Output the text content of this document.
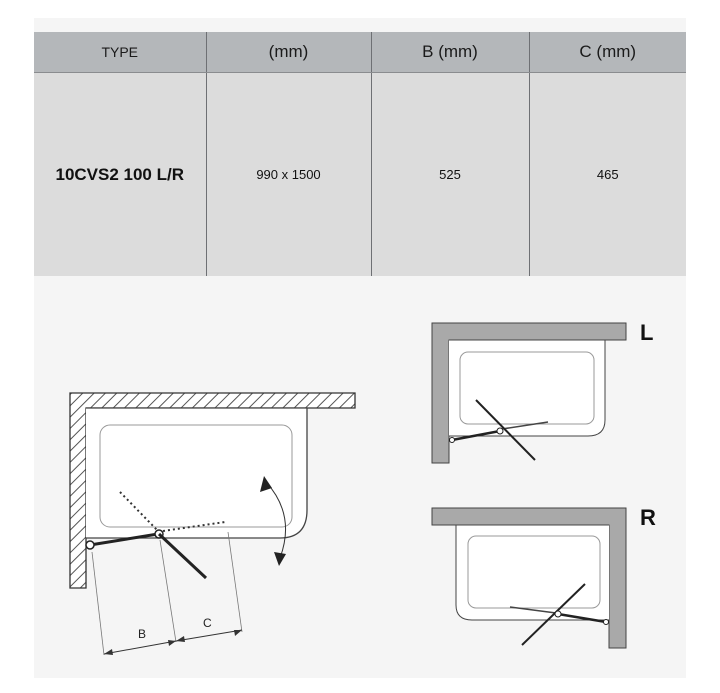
TYPE	(mm)	B (mm)	C (mm)
10CVS2 100 L/R	990 x 1500	525	465
B
C
L
R
